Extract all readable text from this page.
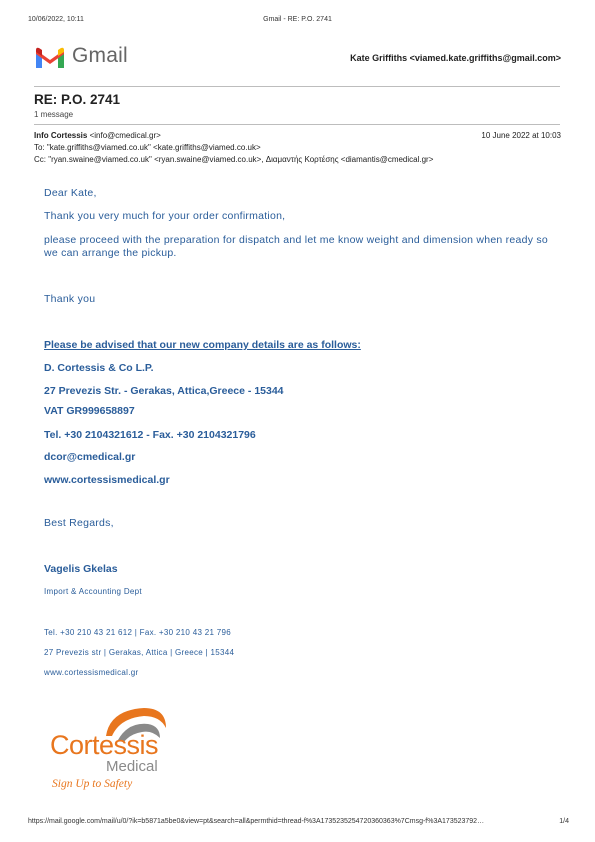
10/06/2022, 10:11	Gmail - RE: P.O. 2741
Gmail	Kate Griffiths <viamed.kate.griffiths@gmail.com>
RE: P.O. 2741
1 message
Info Cortessis <info@cmedical.gr>	10 June 2022 at 10:03
To: "kate.griffiths@viamed.co.uk" <kate.griffiths@viamed.co.uk>
Cc: "ryan.swaine@viamed.co.uk" <ryan.swaine@viamed.co.uk>, Διαμαντής Κορτέσης <diamantis@cmedical.gr>
Dear Kate,
Thank you very much for your order confirmation,
please proceed with the preparation for dispatch and let me know weight and dimension when ready so we can arrange the pickup.
Thank you
Please be advised that our new company details are as follows:
D. Cortessis & Co L.P.
27 Prevezis Str. - Gerakas, Attica,Greece - 15344
VAT GR999658897
Tel. +30 2104321612 - Fax. +30 2104321796
dcor@cmedical.gr
www.cortessismedical.gr
Best Regards,
Vagelis Gkelas
Import & Accounting Dept
Tel. +30 210 43 21 612 | Fax. +30 210 43 21 796
27 Prevezis str | Gerakas, Attica | Greece | 15344
www.cortessismedical.gr
Cortessis
Medical
Sign Up to Safety
https://mail.google.com/mail/u/0/?ik=b5871a5be0&view=pt&search=all&permthid=thread-f%3A1735235254720360363%7Cmsg-f%3A173523792…	1/4
